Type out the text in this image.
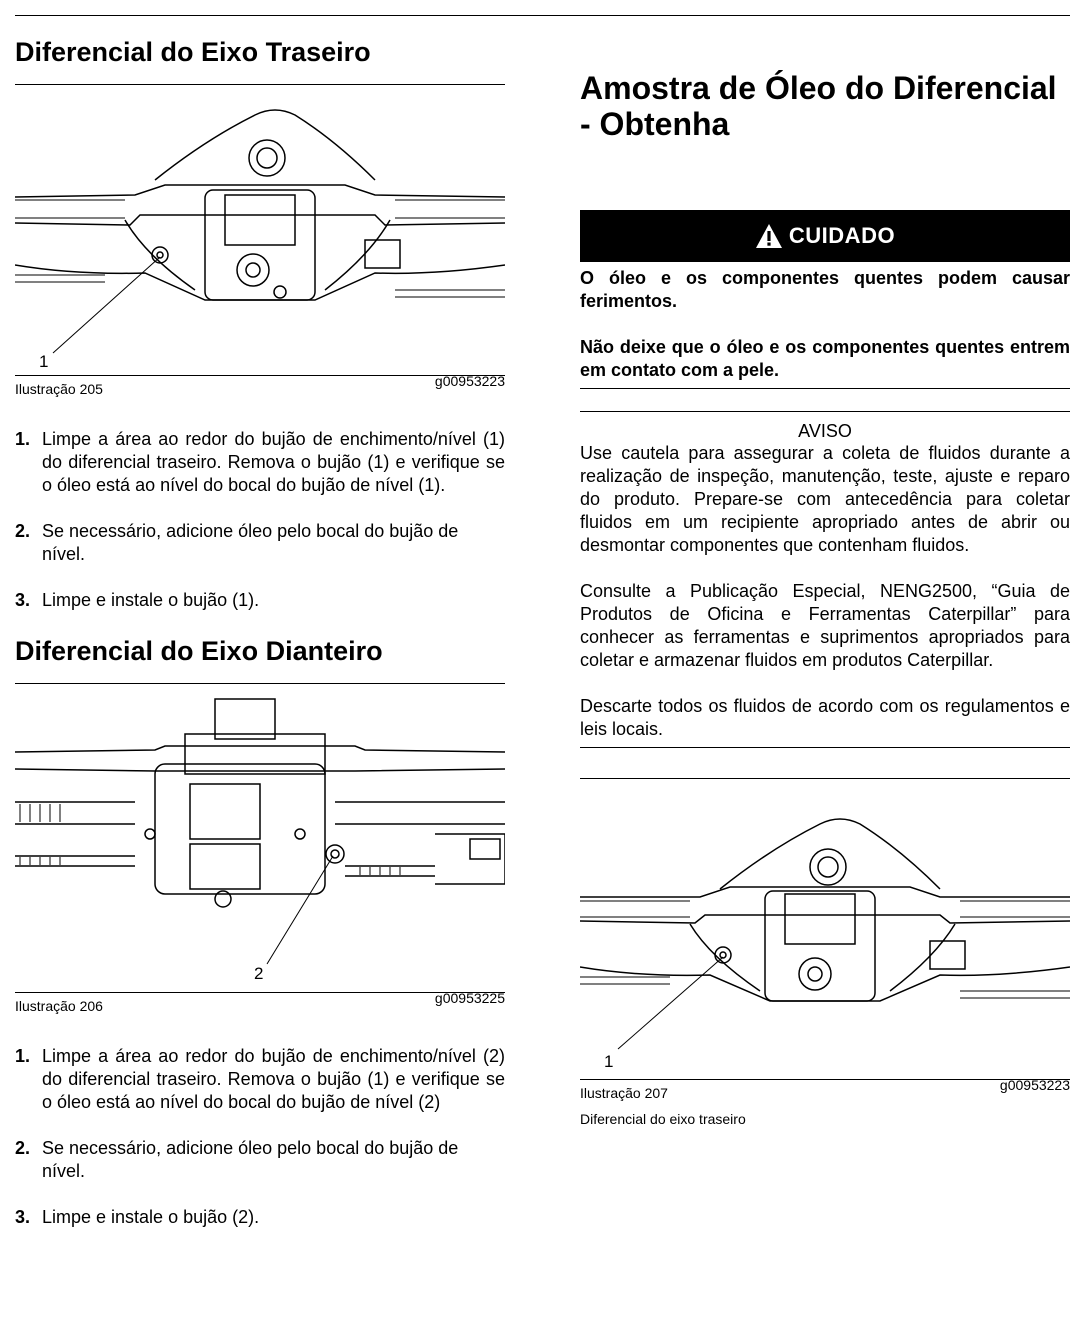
Diferencial do Eixo Traseiro
1
Ilustração 205	g00953223
1. Limpe a área ao redor do bujão de enchimento/nível (1) do diferencial traseiro. Remova o bujão (1) e verifique se o óleo está ao nível do bocal do bujão de nível (1).
2. Se necessário, adicione óleo pelo bocal do bujão de nível.
3. Limpe e instale o bujão (1).
Diferencial do Eixo Dianteiro
2
Ilustração 206	g00953225
1. Limpe a área ao redor do bujão de enchimento/nível (2) do diferencial traseiro. Remova o bujão (1) e verifique se o óleo está ao nível do bocal do bujão de nível (2)
2. Se necessário, adicione óleo pelo bocal do bujão de nível.
3. Limpe e instale o bujão (2).
Amostra de Óleo do Diferencial
- Obtenha
CUIDADO

O óleo e os componentes quentes podem causar ferimentos.

Não deixe que o óleo e os componentes quentes entrem em contato com a pele.

AVISO

Use cautela para assegurar a coleta de fluidos durante a realização de inspeção, manutenção, teste, ajuste e reparo do produto. Prepare-se com antecedência para coletar fluidos em um recipiente apropriado antes de abrir ou desmontar componentes que contenham fluidos.

Consulte a Publicação Especial, NENG2500, “Guia de Produtos de Oficina e Ferramentas Caterpillar” para conhecer as ferramentas e suprimentos apropriados para coletar e armazenar fluidos em produtos Caterpillar.

Descarte todos os fluidos de acordo com os regulamentos e leis locais.

1
Ilustração 207	g00953223
Diferencial do eixo traseiro
